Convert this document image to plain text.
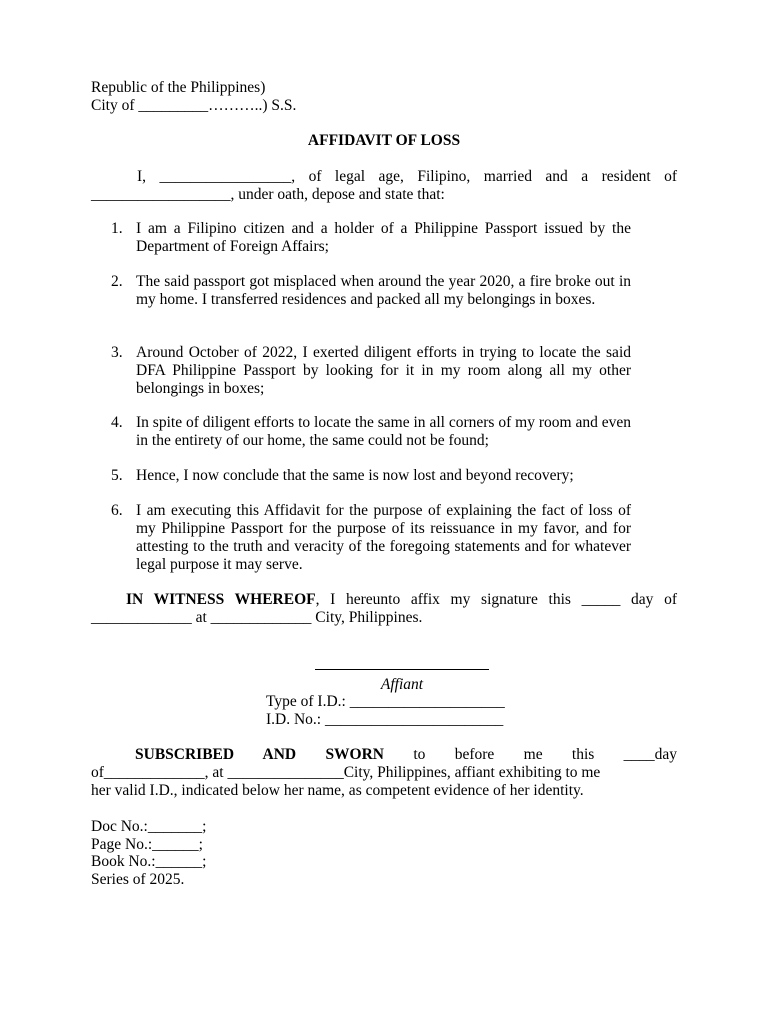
Republic of the Philippines)
City of _________………..) S.S.
AFFIDAVIT OF LOSS
I, _________________, of legal age, Filipino, married and a resident of
__________________, under oath, depose and state that:
1. I am a Filipino citizen and a holder of a Philippine Passport issued by the Department of Foreign Affairs;
2. The said passport got misplaced when around the year 2020, a fire broke out in my home. I transferred residences and packed all my belongings in boxes.
3. Around October of 2022, I exerted diligent efforts in trying to locate the said DFA Philippine Passport by looking for it in my room along all my other belongings in boxes;
4. In spite of diligent efforts to locate the same in all corners of my room and even in the entirety of our home, the same could not be found;
5. Hence, I now conclude that the same is now lost and beyond recovery;
6. I am executing this Affidavit for the purpose of explaining the fact of loss of my Philippine Passport for the purpose of its reissuance in my favor, and for attesting to the truth and veracity of the foregoing statements and for whatever legal purpose it may serve.
IN WITNESS WHEREOF, I hereunto affix my signature this _____ day of
_____________ at _____________ City, Philippines.
Affiant
Type of I.D.: ____________________
I.D. No.: _______________________
SUBSCRIBED AND SWORN to before me this ____day
of_____________, at _______________City, Philippines, affiant exhibiting to me
her valid I.D., indicated below her name, as competent evidence of her identity.
Doc No.:_______;
Page No.:______;
Book No.:______;
Series of 2025.
